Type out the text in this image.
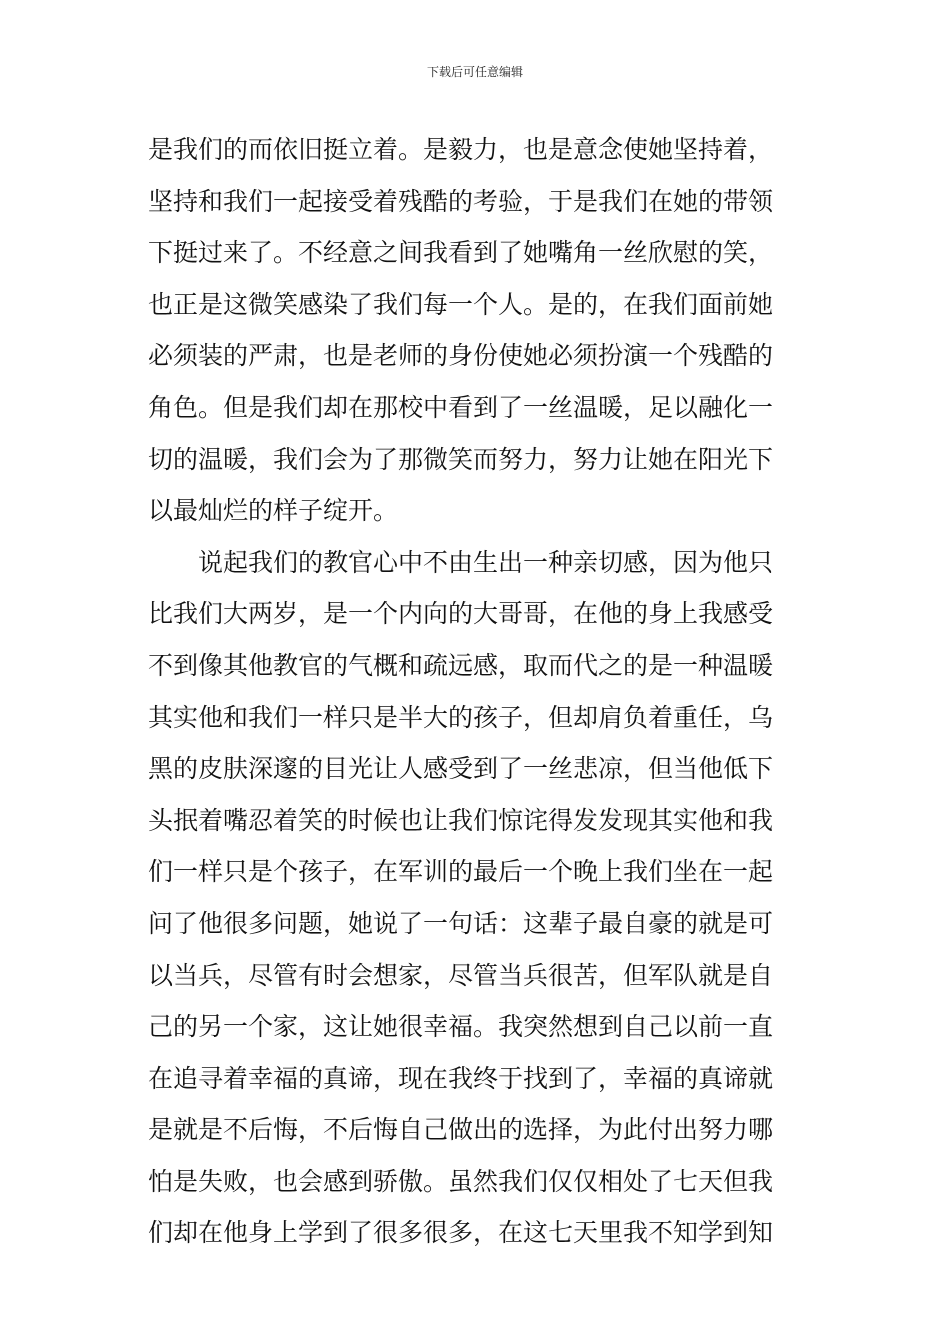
下载后可任意编辑
是我们的而依旧挺立着。是毅力，也是意念使她坚持着，
坚持和我们一起接受着残酷的考验，于是我们在她的带领
下挺过来了。不经意之间我看到了她嘴角一丝欣慰的笑，
也正是这微笑感染了我们每一个人。是的，在我们面前她
必须装的严肃，也是老师的身份使她必须扮演一个残酷的
角色。但是我们却在那校中看到了一丝温暖，足以融化一
切的温暖，我们会为了那微笑而努力，努力让她在阳光下
以最灿烂的样子绽开。
说起我们的教官心中不由生出一种亲切感，因为他只
比我们大两岁，是一个内向的大哥哥，在他的身上我感受
不到像其他教官的气概和疏远感，取而代之的是一种温暖
其实他和我们一样只是半大的孩子，但却肩负着重任，乌
黑的皮肤深邃的目光让人感受到了一丝悲凉，但当他低下
头抿着嘴忍着笑的时候也让我们惊诧得发发现其实他和我
们一样只是个孩子，在军训的最后一个晚上我们坐在一起
问了他很多问题，她说了一句话：这辈子最自豪的就是可
以当兵，尽管有时会想家，尽管当兵很苦，但军队就是自
己的另一个家，这让她很幸福。我突然想到自己以前一直
在追寻着幸福的真谛，现在我终于找到了，幸福的真谛就
是就是不后悔，不后悔自己做出的选择，为此付出努力哪
怕是失败，也会感到骄傲。虽然我们仅仅相处了七天但我
们却在他身上学到了很多很多，在这七天里我不知学到知
